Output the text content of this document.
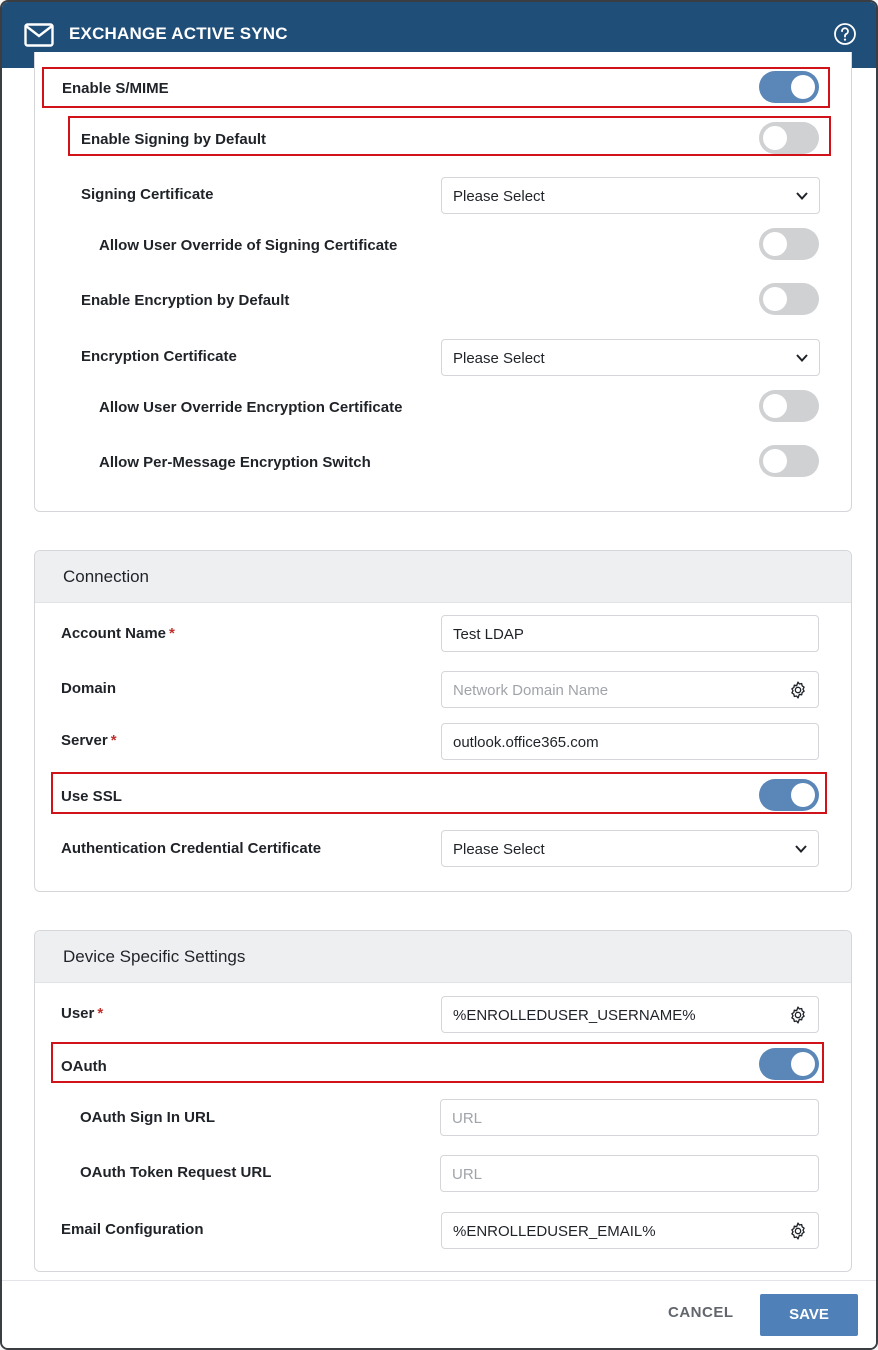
EXCHANGE ACTIVE SYNC
Enable S/MIME
Enable Signing by Default
Signing Certificate	Please Select
Allow User Override of Signing Certificate
Enable Encryption by Default
Encryption Certificate	Please Select
Allow User Override Encryption Certificate
Allow Per-Message Encryption Switch
Connection
Account Name *	Test LDAP
Domain	Network Domain Name
Server *	outlook.office365.com
Use SSL
Authentication Credential Certificate	Please Select
Device Specific Settings
User *	%ENROLLEDUSER_USERNAME%
OAuth
OAuth Sign In URL	URL
OAuth Token Request URL	URL
Email Configuration	%ENROLLEDUSER_EMAIL%
CANCEL	SAVE
